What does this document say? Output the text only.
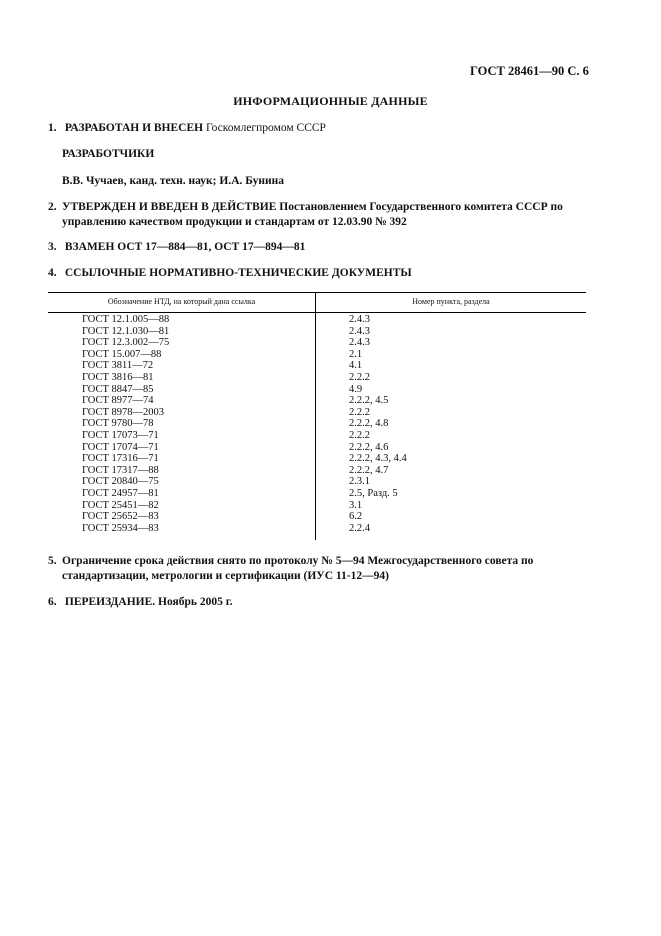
ГОСТ 28461—90 С. 6
ИНФОРМАЦИОННЫЕ ДАННЫЕ
1. РАЗРАБОТАН И ВНЕСЕН Госкомлегпромом СССР
РАЗРАБОТЧИКИ
В.В. Чучаев, канд. техн. наук; И.А. Бунина
2. УТВЕРЖДЕН И ВВЕДЕН В ДЕЙСТВИЕ Постановлением Государственного комитета СССР по управлению качеством продукции и стандартам от 12.03.90 № 392
3. ВЗАМЕН ОСТ 17—884—81, ОСТ 17—894—81
4. ССЫЛОЧНЫЕ НОРМАТИВНО-ТЕХНИЧЕСКИЕ ДОКУМЕНТЫ
Обозначение НТД, на который дана ссылка	Номер пункта, раздела
ГОСТ 12.1.005—88	2.4.3
ГОСТ 12.1.030—81	2.4.3
ГОСТ 12.3.002—75	2.4.3
ГОСТ 15.007—88	2.1
ГОСТ 3811—72	4.1
ГОСТ 3816—81	2.2.2
ГОСТ 8847—85	4.9
ГОСТ 8977—74	2.2.2, 4.5
ГОСТ 8978—2003	2.2.2
ГОСТ 9780—78	2.2.2, 4.8
ГОСТ 17073—71	2.2.2
ГОСТ 17074—71	2.2.2, 4.6
ГОСТ 17316—71	2.2.2, 4.3, 4.4
ГОСТ 17317—88	2.2.2, 4.7
ГОСТ 20840—75	2.3.1
ГОСТ 24957—81	2.5, Разд. 5
ГОСТ 25451—82	3.1
ГОСТ 25652—83	6.2
ГОСТ 25934—83	2.2.4
5. Ограничение срока действия снято по протоколу № 5—94 Межгосударственного совета по стандартизации, метрологии и сертификации (ИУС 11-12—94)
6. ПЕРЕИЗДАНИЕ. Ноябрь 2005 г.
